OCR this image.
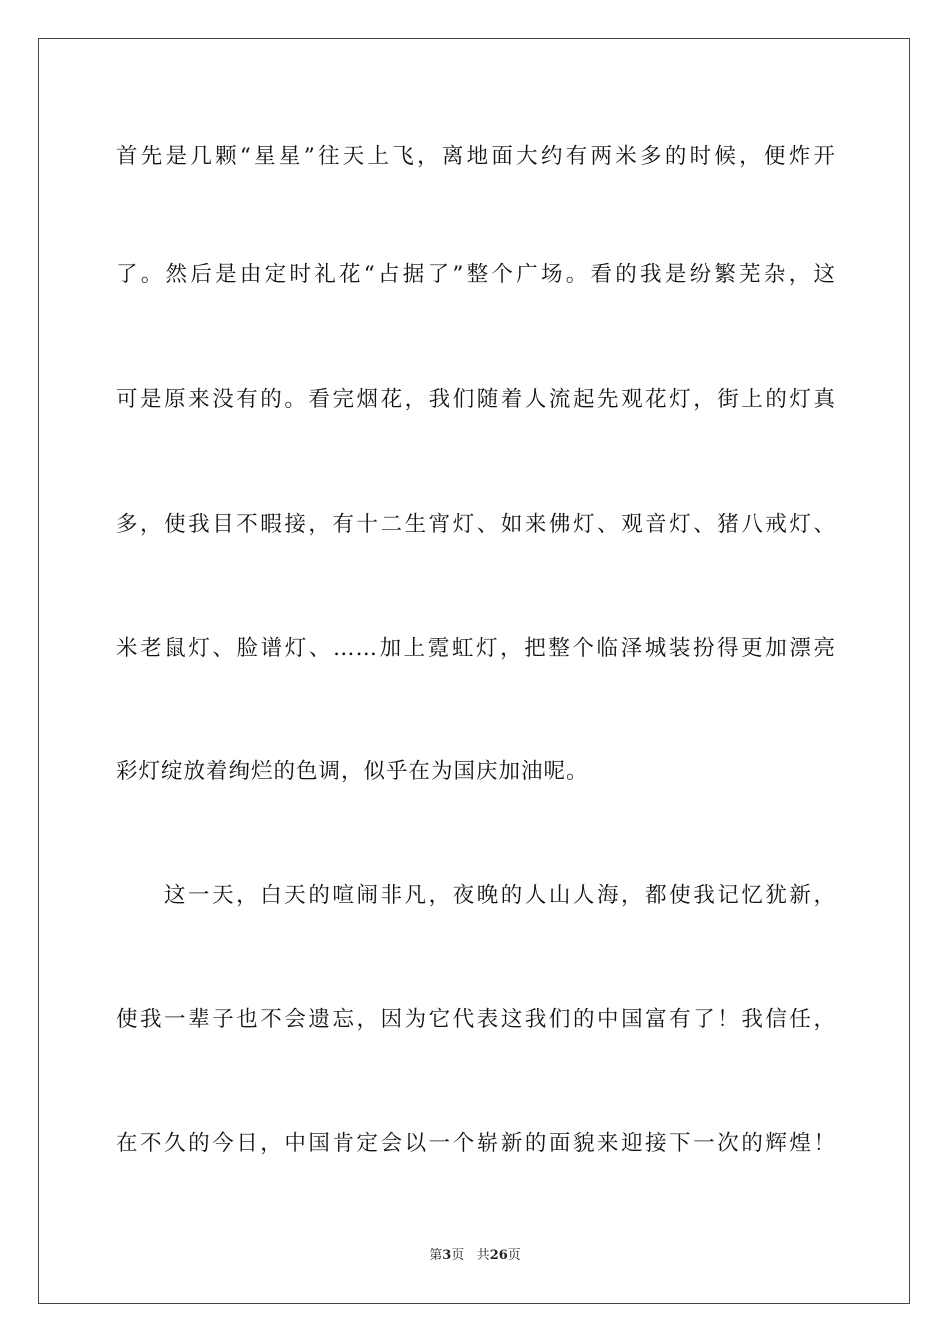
首先是几颗“星星”往天上飞，离地面大约有两米多的时候，便炸开
了。然后是由定时礼花“占据了”整个广场。看的我是纷繁芜杂，这
可是原来没有的。看完烟花，我们随着人流起先观花灯，街上的灯真
多，使我目不暇接，有十二生宵灯、如来佛灯、观音灯、猪八戒灯、
米老鼠灯、脸谱灯、……加上霓虹灯，把整个临泽城装扮得更加漂亮
彩灯绽放着绚烂的色调，似乎在为国庆加油呢。
这一天，白天的喧闹非凡，夜晚的人山人海，都使我记忆犹新，
使我一辈子也不会遗忘，因为它代表这我们的中国富有了！我信任，
在不久的今日，中国肯定会以一个崭新的面貌来迎接下一次的辉煌！
第3页 共26页
